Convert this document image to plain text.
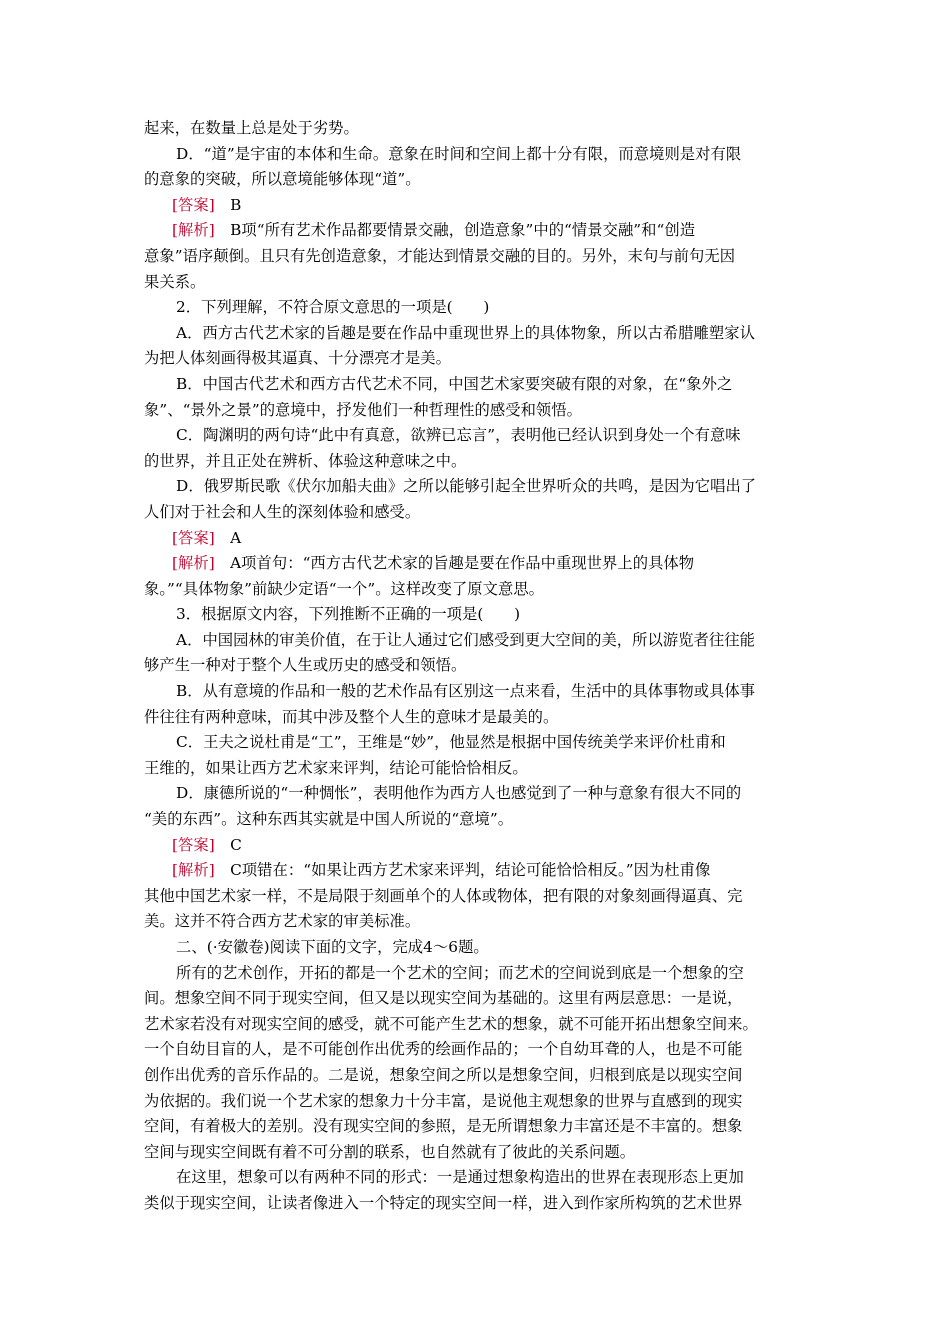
起来，在数量上总是处于劣势。
D．“道”是宇宙的本体和生命。意象在时间和空间上都十分有限，而意境则是对有限
的意象的突破，所以意境能够体现“道”。
[答案]　B
[解析]　B项“所有艺术作品都要情景交融，创造意象”中的“情景交融”和“创造
意象”语序颠倒。且只有先创造意象，才能达到情景交融的目的。另外，末句与前句无因
果关系。
2．下列理解，不符合原文意思的一项是(　　)
A．西方古代艺术家的旨趣是要在作品中重现世界上的具体物象，所以古希腊雕塑家认
为把人体刻画得极其逼真、十分漂亮才是美。
B．中国古代艺术和西方古代艺术不同，中国艺术家要突破有限的对象，在“象外之
象”、“景外之景”的意境中，抒发他们一种哲理性的感受和领悟。
C．陶渊明的两句诗“此中有真意，欲辨已忘言”，表明他已经认识到身处一个有意味
的世界，并且正处在辨析、体验这种意味之中。
D．俄罗斯民歌《伏尔加船夫曲》之所以能够引起全世界听众的共鸣，是因为它唱出了
人们对于社会和人生的深刻体验和感受。
[答案]　A
[解析]　A项首句：“西方古代艺术家的旨趣是要在作品中重现世界上的具体物
象。”“具体物象”前缺少定语“一个”。这样改变了原文意思。
3．根据原文内容，下列推断不正确的一项是(　　)
A．中国园林的审美价值，在于让人通过它们感受到更大空间的美，所以游览者往往能
够产生一种对于整个人生或历史的感受和领悟。
B．从有意境的作品和一般的艺术作品有区别这一点来看，生活中的具体事物或具体事
件往往有两种意味，而其中涉及整个人生的意味才是最美的。
C．王夫之说杜甫是“工”，王维是“妙”，他显然是根据中国传统美学来评价杜甫和
王维的，如果让西方艺术家来评判，结论可能恰恰相反。
D．康德所说的“一种惆怅”，表明他作为西方人也感觉到了一种与意象有很大不同的
“美的东西”。这种东西其实就是中国人所说的“意境”。
[答案]　C
[解析]　C项错在：“如果让西方艺术家来评判，结论可能恰恰相反。”因为杜甫像
其他中国艺术家一样，不是局限于刻画单个的人体或物体，把有限的对象刻画得逼真、完
美。这并不符合西方艺术家的审美标准。
二、(·安徽卷)阅读下面的文字，完成4～6题。
所有的艺术创作，开拓的都是一个艺术的空间；而艺术的空间说到底是一个想象的空
间。想象空间不同于现实空间，但又是以现实空间为基础的。这里有两层意思：一是说，
艺术家若没有对现实空间的感受，就不可能产生艺术的想象，就不可能开拓出想象空间来。
一个自幼目盲的人，是不可能创作出优秀的绘画作品的；一个自幼耳聋的人，也是不可能
创作出优秀的音乐作品的。二是说，想象空间之所以是想象空间，归根到底是以现实空间
为依据的。我们说一个艺术家的想象力十分丰富，是说他主观想象的世界与直感到的现实
空间，有着极大的差别。没有现实空间的参照，是无所谓想象力丰富还是不丰富的。想象
空间与现实空间既有着不可分割的联系，也自然就有了彼此的关系问题。
在这里，想象可以有两种不同的形式：一是通过想象构造出的世界在表现形态上更加
类似于现实空间，让读者像进入一个特定的现实空间一样，进入到作家所构筑的艺术世界
